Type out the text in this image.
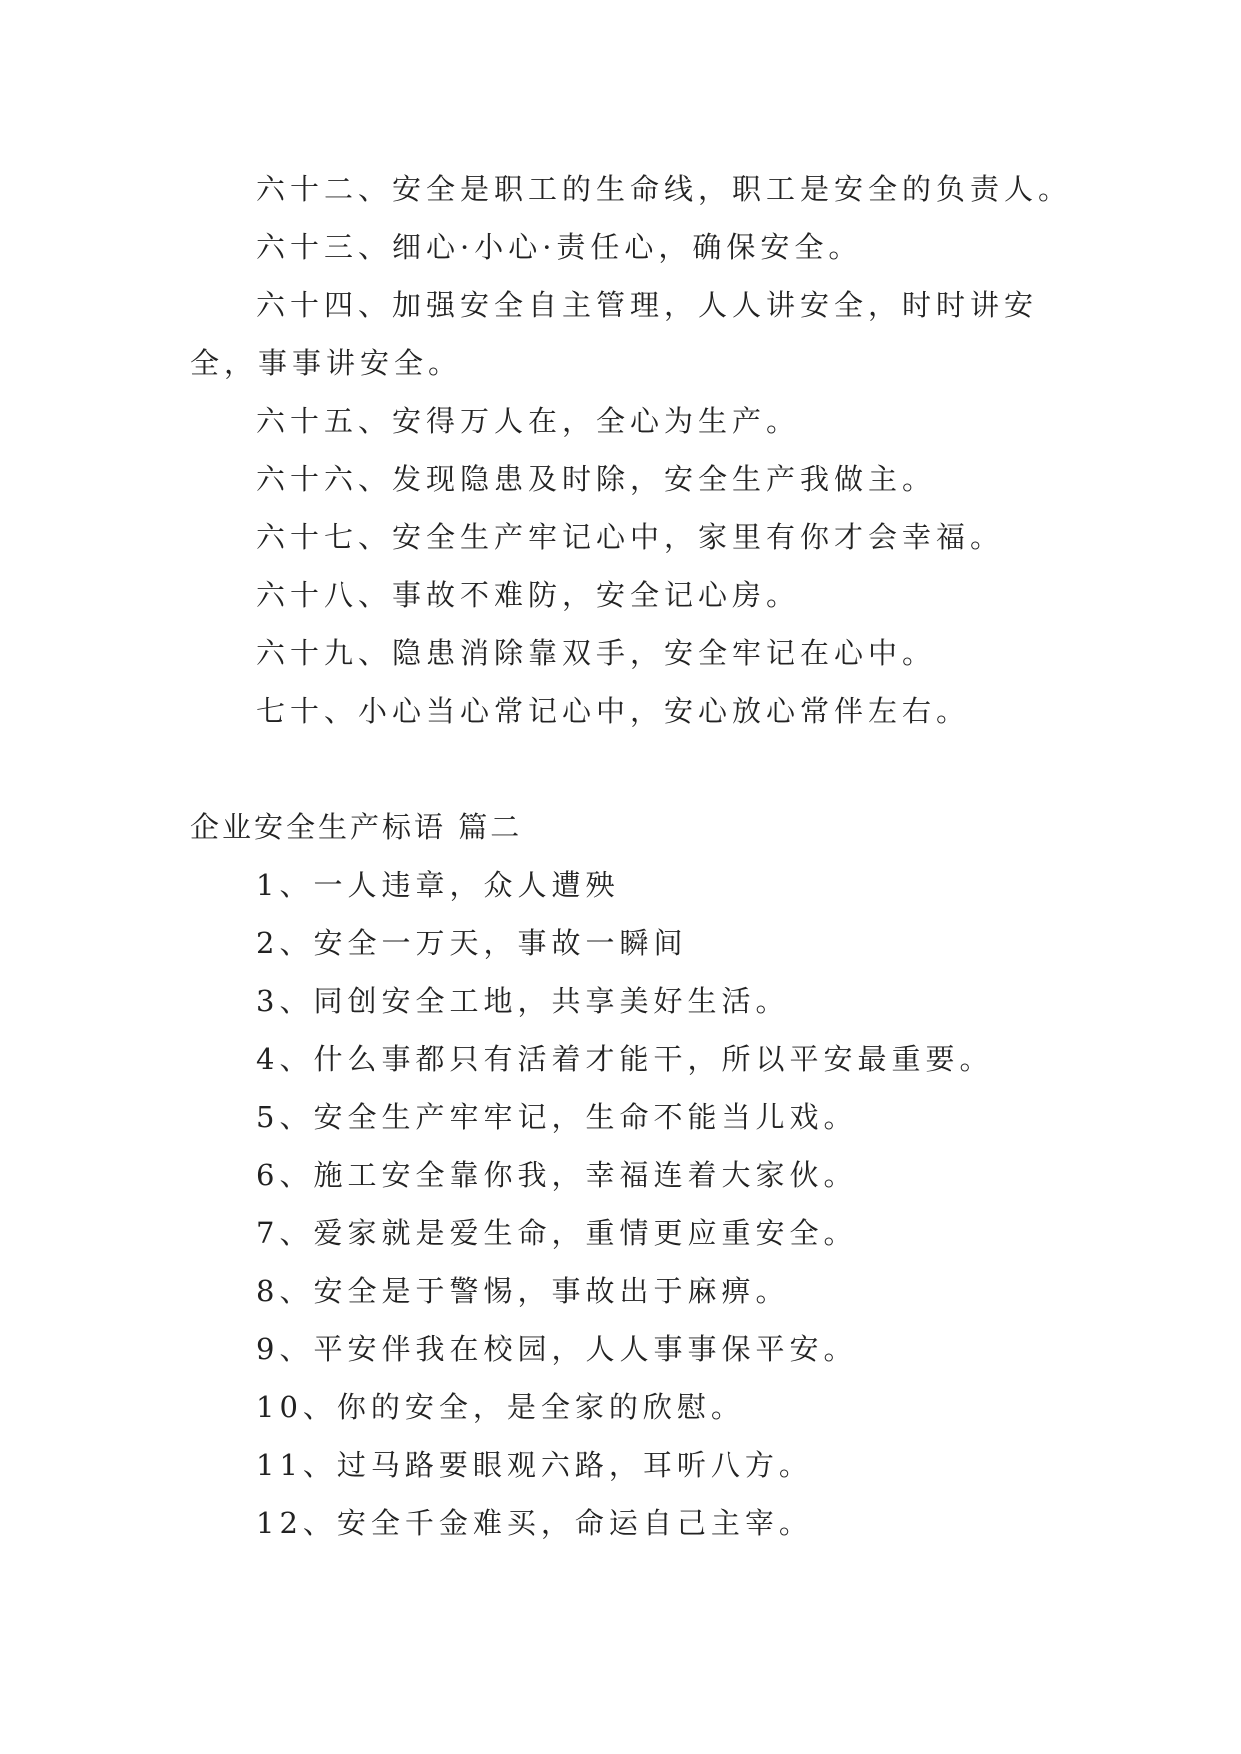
六十二、安全是职工的生命线，职工是安全的负责人。

六十三、细心·小心·责任心，确保安全。

六十四、加强安全自主管理，人人讲安全，时时讲安全，事事讲安全。

六十五、安得万人在，全心为生产。

六十六、发现隐患及时除，安全生产我做主。

六十七、安全生产牢记心中，家里有你才会幸福。

六十八、事故不难防，安全记心房。

六十九、隐患消除靠双手，安全牢记在心中。

七十、小心当心常记心中，安心放心常伴左右。

企业安全生产标语 篇二

1、一人违章，众人遭殃

2、安全一万天，事故一瞬间

3、同创安全工地，共享美好生活。

4、什么事都只有活着才能干，所以平安最重要。

5、安全生产牢牢记，生命不能当儿戏。

6、施工安全靠你我，幸福连着大家伙。

7、爱家就是爱生命，重情更应重安全。

8、安全是于警惕，事故出于麻痹。

9、平安伴我在校园，人人事事保平安。

10、你的安全，是全家的欣慰。

11、过马路要眼观六路，耳听八方。

12、安全千金难买，命运自己主宰。
